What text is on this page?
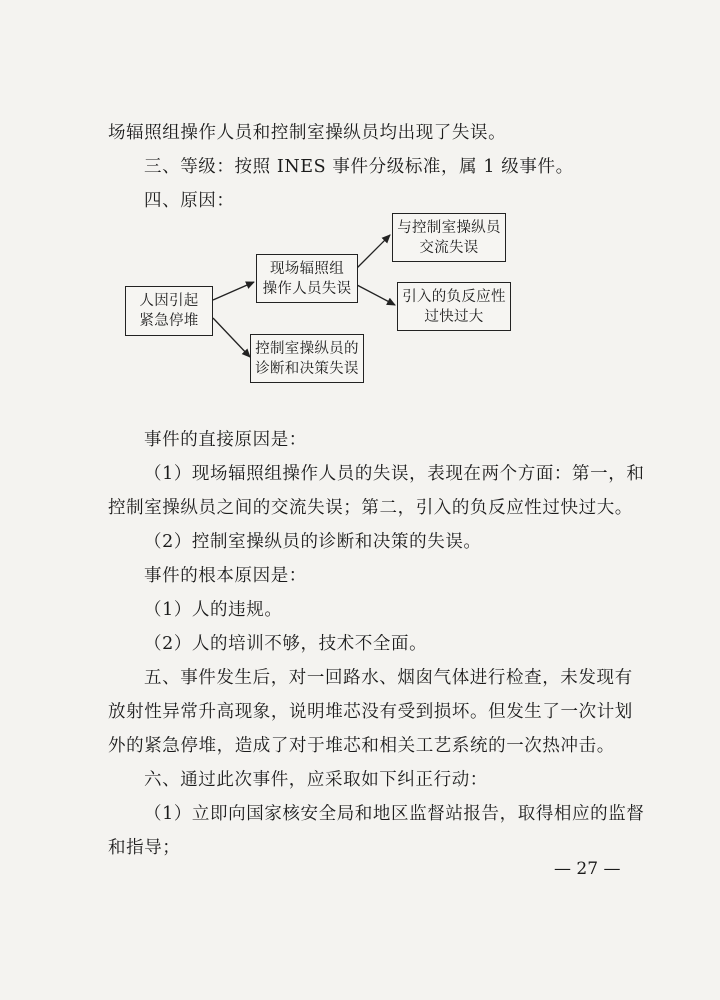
场辐照组操作人员和控制室操纵员均出现了失误。
三、等级：按照 INES 事件分级标准，属 1 级事件。
四、原因：
人因引起
紧急停堆
现场辐照组
操作人员失误
控制室操纵员的
诊断和决策失误
与控制室操纵员
交流失误
引入的负反应性
过快过大
事件的直接原因是：
（1）现场辐照组操作人员的失误，表现在两个方面：第一，和
控制室操纵员之间的交流失误；第二，引入的负反应性过快过大。
（2）控制室操纵员的诊断和决策的失误。
事件的根本原因是：
（1）人的违规。
（2）人的培训不够，技术不全面。
五、事件发生后，对一回路水、烟囱气体进行检查，未发现有
放射性异常升高现象，说明堆芯没有受到损坏。但发生了一次计划
外的紧急停堆，造成了对于堆芯和相关工艺系统的一次热冲击。
六、通过此次事件，应采取如下纠正行动：
（1）立即向国家核安全局和地区监督站报告，取得相应的监督
和指导；
— 27 —
